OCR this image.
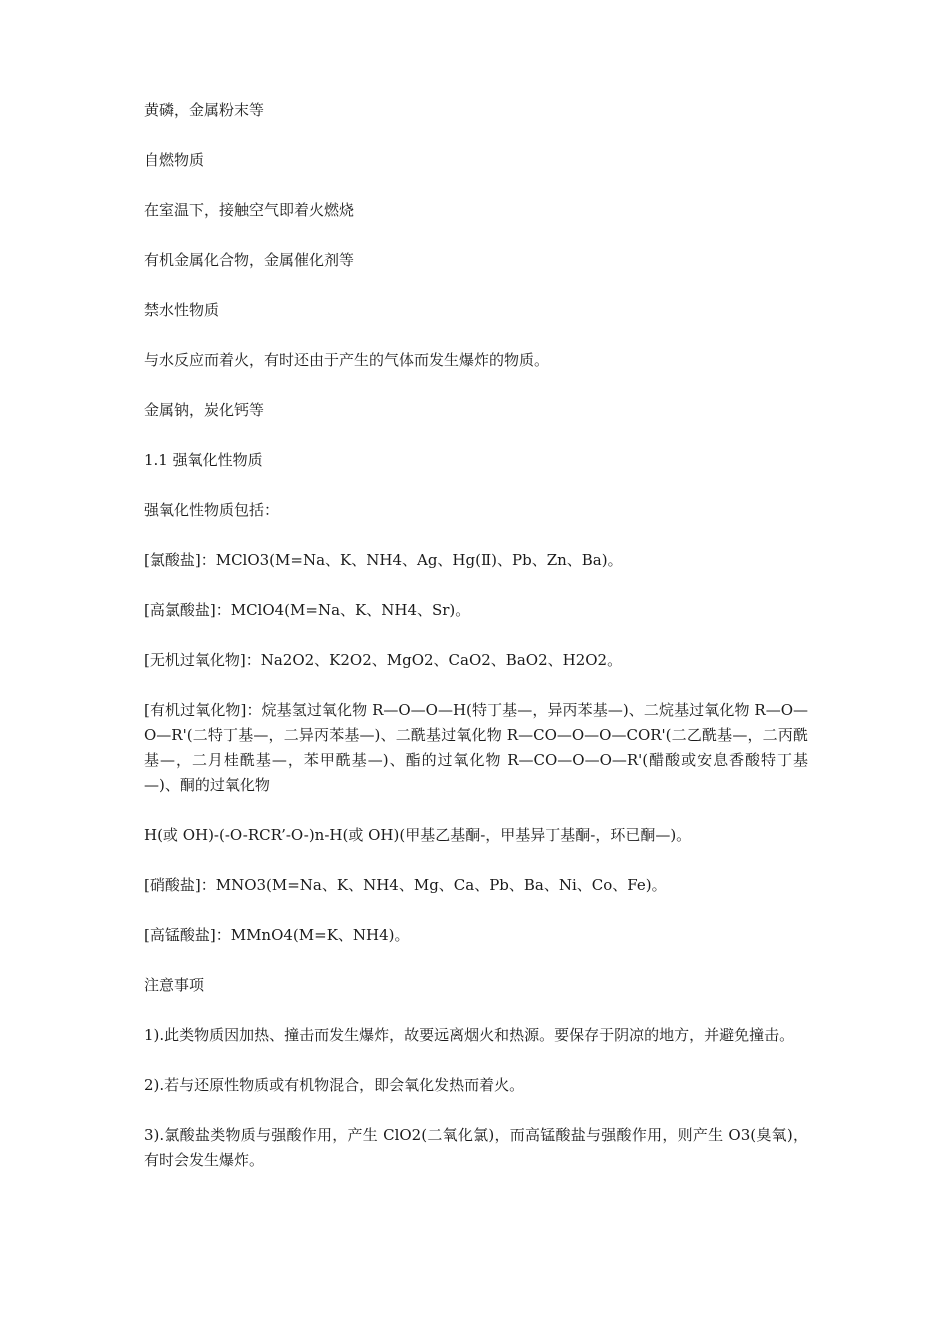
黄磷，金属粉末等

自燃物质

在室温下，接触空气即着火燃烧

有机金属化合物，金属催化剂等

禁水性物质

与水反应而着火，有时还由于产生的气体而发生爆炸的物质。

金属钠，炭化钙等

1.1 强氧化性物质

强氧化性物质包括：

[氯酸盐]：MClO3(M=Na、K、NH4、Ag、Hg(Ⅱ)、Pb、Zn、Ba)。

[高氯酸盐]：MClO4(M=Na、K、NH4、Sr)。

[无机过氧化物]：Na2O2、K2O2、MgO2、CaO2、BaO2、H2O2。

[有机过氧化物]：烷基氢过氧化物 R—O—O—H(特丁基—，异丙苯基—)、二烷基过氧化物 R—O—O—R'(二特丁基—，二异丙苯基—)、二酰基过氧化物 R—CO—O—O—COR'(二乙酰基—，二丙酰基—，二月桂酰基—，苯甲酰基—)、酯的过氧化物 R—CO—O—O—R'(醋酸或安息香酸特丁基—)、酮的过氧化物

H(或 OH)-(-O-RCR’-O-)n-H(或 OH)(甲基乙基酮-，甲基异丁基酮-，环已酮—)。

[硝酸盐]：MNO3(M=Na、K、NH4、Mg、Ca、Pb、Ba、Ni、Co、Fe)。

[高锰酸盐]：MMnO4(M=K、NH4)。

注意事项

1).此类物质因加热、撞击而发生爆炸，故要远离烟火和热源。要保存于阴凉的地方，并避免撞击。

2).若与还原性物质或有机物混合，即会氧化发热而着火。

3).氯酸盐类物质与强酸作用，产生 ClO2(二氧化氯)，而高锰酸盐与强酸作用，则产生 O3(臭氧)，有时会发生爆炸。
